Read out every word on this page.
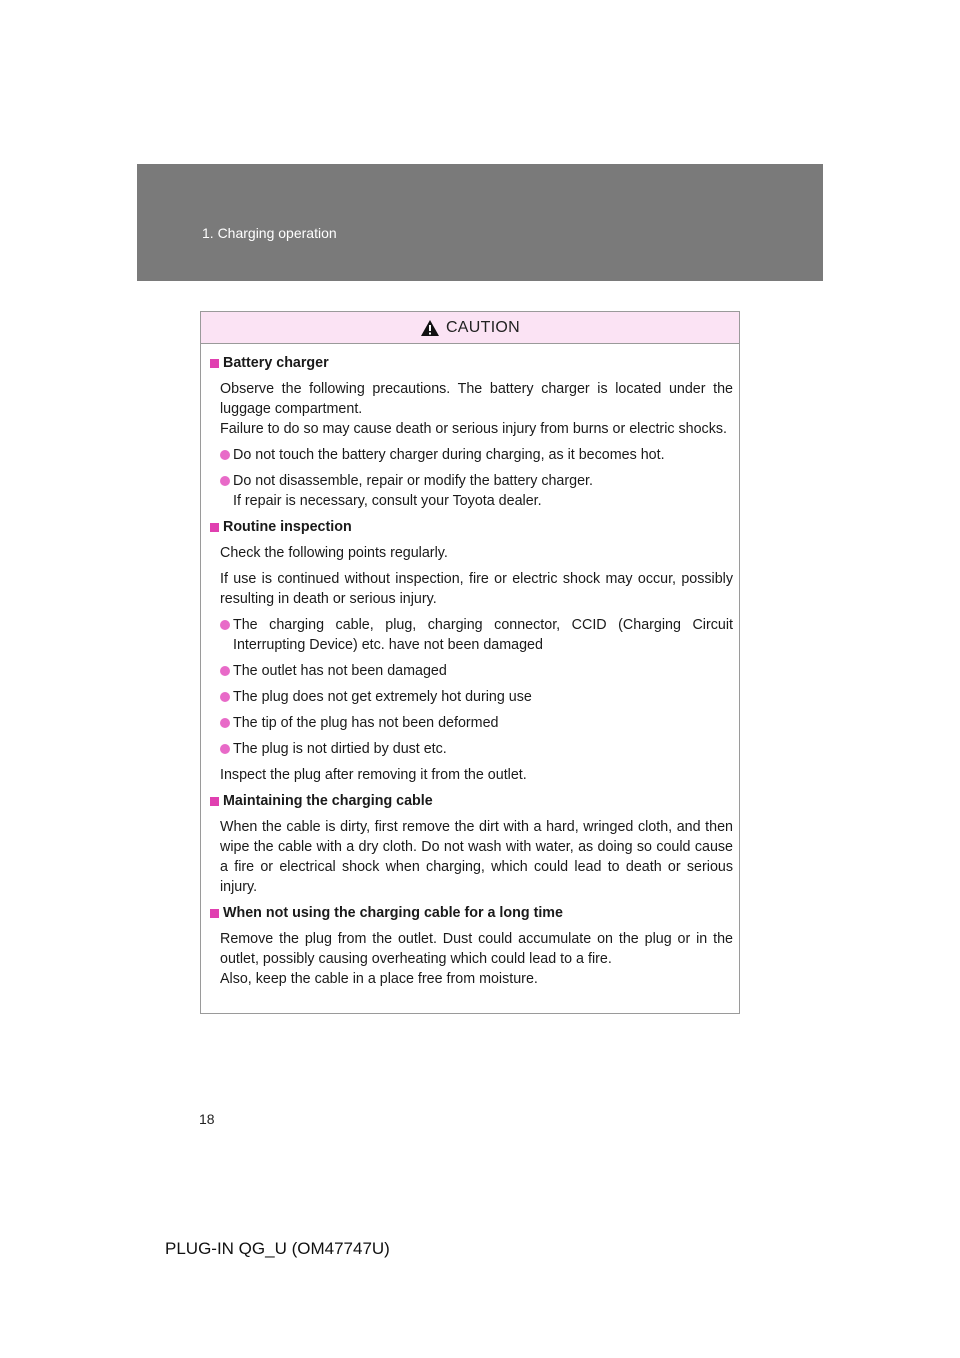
1. Charging operation
CAUTION
Battery charger
Observe the following precautions. The battery charger is located under the luggage compartment.
Failure to do so may cause death or serious injury from burns or electric shocks.
Do not touch the battery charger during charging, as it becomes hot.
Do not disassemble, repair or modify the battery charger.
If repair is necessary, consult your Toyota dealer.
Routine inspection
Check the following points regularly.
If use is continued without inspection, fire or electric shock may occur, possibly resulting in death or serious injury.
The charging cable, plug, charging connector, CCID (Charging Circuit Interrupting Device) etc. have not been damaged
The outlet has not been damaged
The plug does not get extremely hot during use
The tip of the plug has not been deformed
The plug is not dirtied by dust etc.
Inspect the plug after removing it from the outlet.
Maintaining the charging cable
When the cable is dirty, first remove the dirt with a hard, wringed cloth, and then wipe the cable with a dry cloth. Do not wash with water, as doing so could cause a fire or electrical shock when charging, which could lead to death or serious injury.
When not using the charging cable for a long time
Remove the plug from the outlet. Dust could accumulate on the plug or in the outlet, possibly causing overheating which could lead to a fire.
Also, keep the cable in a place free from moisture.
18
PLUG-IN QG_U (OM47747U)
